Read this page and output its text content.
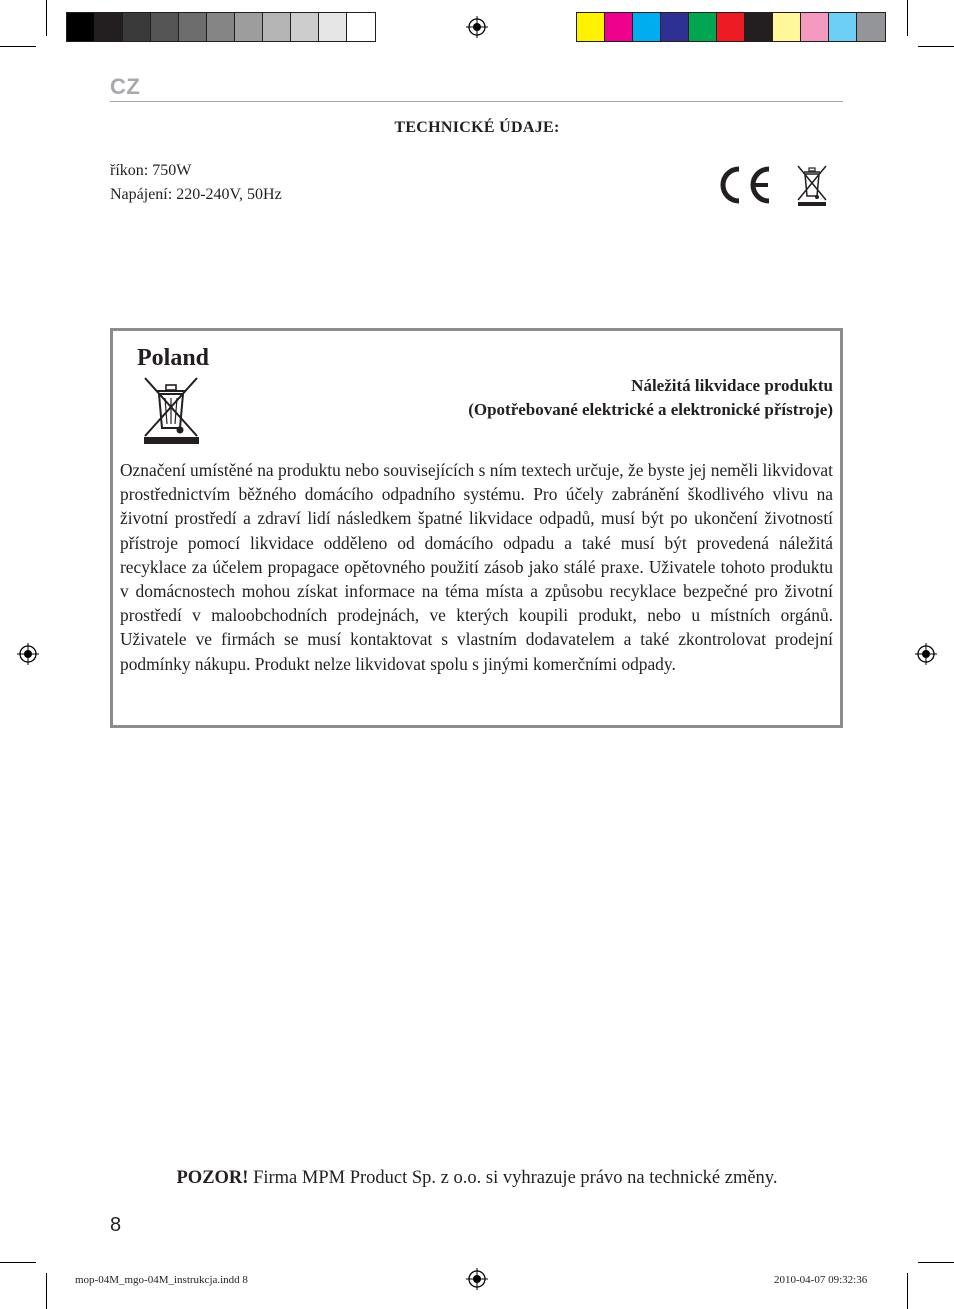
CZ
TECHNICKÉ ÚDAJE:
říkon: 750W
Napájení: 220-240V, 50Hz
Poland
Náležitá likvidace produktu
(Opotřebované elektrické a elektronické přístroje)
Označení umístěné na produktu nebo souvisejících s ním textech určuje, že byste jej neměli likvidovat prostřednictvím běžného domácího odpadního systému. Pro účely zabránění škodlivého vlivu na životní prostředí a zdraví lidí následkem špatné likvidace odpadů, musí být po ukončení životností přístroje pomocí likvidace odděleno od domácího odpadu a také musí být provedená náležitá recyklace za účelem propagace opětovného použití zásob jako stálé praxe. Uživatele tohoto produktu v domácnostech mohou získat informace na téma místa a způsobu recyklace bezpečné pro životní prostředí v maloobchodních prodejnách, ve kterých koupili produkt, nebo u místních orgánů. Uživatele ve firmách se musí kontaktovat s vlastním dodavatelem a také zkontrolovat prodejní podmínky nákupu. Produkt nelze likvidovat spolu s jinými komerčními odpady.
POZOR! Firma MPM Product Sp. z o.o. si vyhrazuje právo na technické změny.
8
mop-04M_mgo-04M_instrukcja.indd 8	2010-04-07 09:32:36
